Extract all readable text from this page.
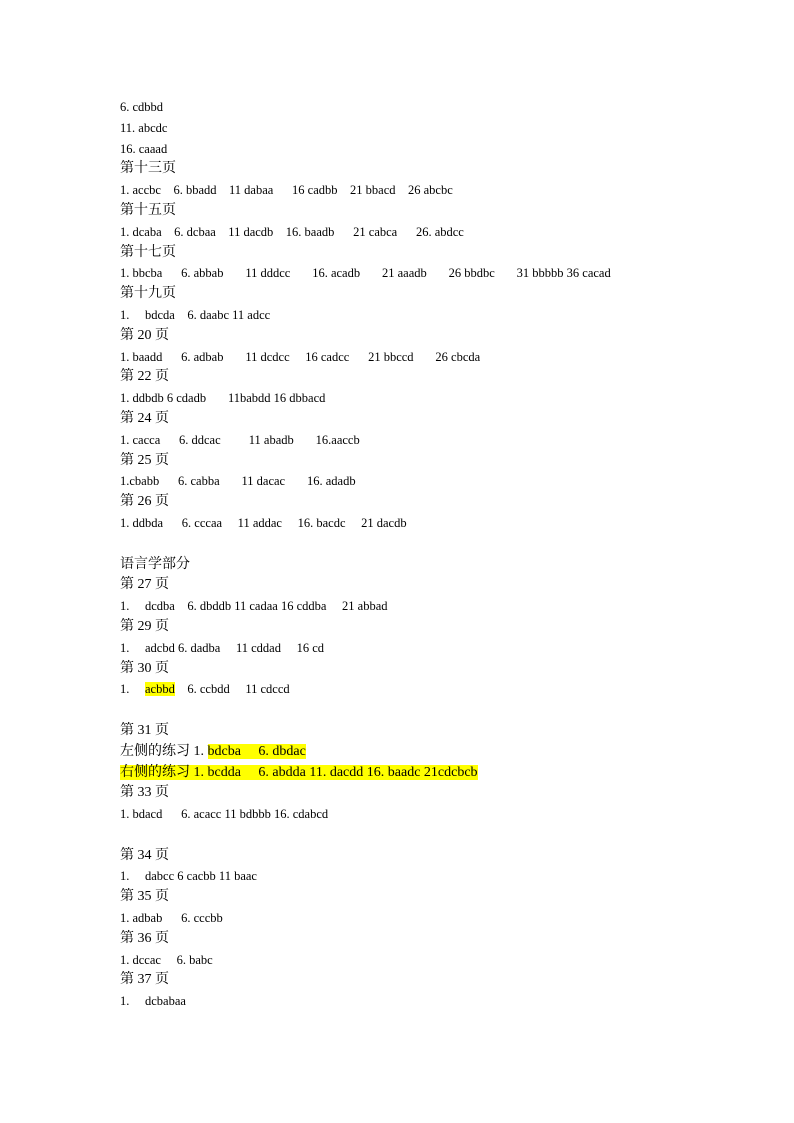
6. cdbbd
11. abcdc
16. caaad
第十三页
1. accbc    6. bbadd    11 dabaa      16 cadbb    21 bbacd    26 abcbc
第十五页
1. dcaba    6. dcbaa    11 dacdb    16. baadb      21 cabca      26. abdcc
第十七页
1. bbcba      6. abbab       11 dddcc       16. acadb       21 aaadb       26 bbdbc       31 bbbbb 36 cacad
第十九页
1.     bdcda    6. daabc 11 adcc
第 20 页
1. baadd      6. adbab       11 dcdcc     16 cadcc      21 bbccd       26 cbcda
第 22 页
1. ddbdb 6 cdadb       11babdd 16 dbbacd
第 24 页
1. cacca      6. ddcac         11 abadb       16.aaccb
第 25 页
1.cbabb      6. cabba       11 dacac       16. adadb
第 26 页
1. ddbda      6. cccaa     11 addac     16. bacdc     21 dacdb
语言学部分
第 27 页
1.     dcdba    6. dbddb 11 cadaa 16 cddba     21 abbad
第 29 页
1.     adcbd 6. dadba     11 cddad     16 cd
第 30 页
1.     acbbd    6. ccbdd     11 cdccd
第 31 页
左侧的练习 1. bdcba     6. dbdac
右侧的练习 1. bcdda     6. abdda 11. dacdd 16. baadc 21cdcbcb
第 33 页
1. bdacd      6. acacc 11 bdbbb 16. cdabcd
第 34 页
1.     dabcc 6 cacbb 11 baac
第 35 页
1. adbab      6. cccbb
第 36 页
1. dccac     6. babc
第 37 页
1.     dcbabaa
